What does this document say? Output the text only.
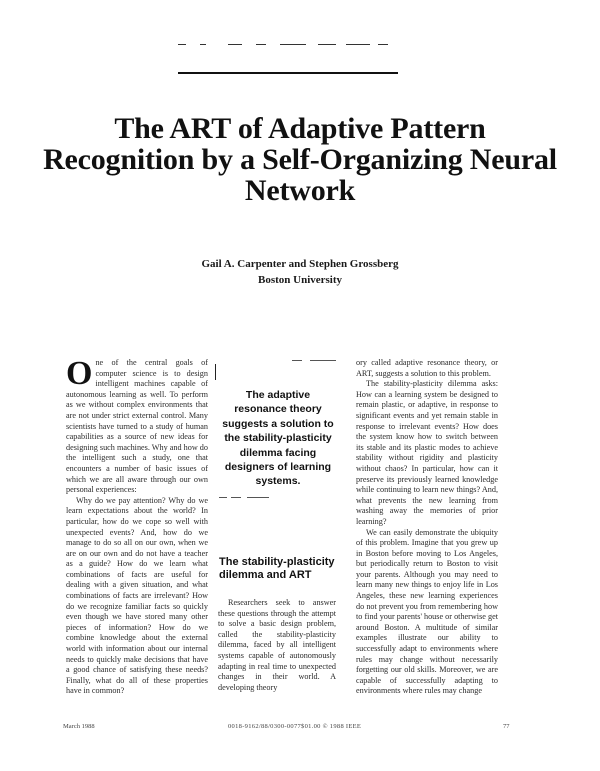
The ART of Adaptive Pattern Recognition by a Self-Organizing Neural Network
Gail A. Carpenter and Stephen Grossberg
Boston University
O ne of the central goals of computer science is to design intelligent machines capable of autonomous learning as well. To perform as we without complex environments that are not under strict external control. Many scientists have turned to a study of human capabilities as a source of new ideas for designing such machines. Why and how do the intelligent such a study, one that encounters a number of basic issues of which we are all aware through our own personal experiences:

Why do we pay attention? Why do we learn expectations about the world? In particular, how do we cope so well with unexpected events? And, how do we manage to do so all on our own, when we are on our own and do not have a teacher as a guide? How do we learn what combinations of facts are useful for dealing with a given situation, and what combinations of facts are irrelevant? How do we recognize familiar facts so quickly even though we have stored many other pieces of information? How do we combine knowledge about the external world with information about our internal needs to quickly make decisions that have a good chance of satisfying these needs? Finally, what do all of these properties have in common?

The adaptive resonance theory suggests a solution to the stability-plasticity dilemma facing designers of learning systems.
The stability-plasticity dilemma and ART

Researchers seek to answer these questions through the attempt to solve a basic design problem, called the stability-plasticity dilemma, faced by all intelligent systems capable of autonomously adapting in real time to unexpected changes in their world. A developing theory

ory called adaptive resonance theory, or ART, suggests a solution to this problem.

The stability-plasticity dilemma asks: How can a learning system be designed to remain plastic, or adaptive, in response to significant events and yet remain stable in response to irrelevant events? How does the system know how to switch between its stable and its plastic modes to achieve stability without rigidity and plasticity without chaos? In particular, how can it preserve its previously learned knowledge while continuing to learn new things? And, what prevents the new learning from washing away the memories of prior learning?

We can easily demonstrate the ubiquity of this problem. Imagine that you grew up in Boston before moving to Los Angeles, but periodically return to Boston to visit your parents. Although you may need to learn many new things to enjoy life in Los Angeles, these new learning experiences do not prevent you from remembering how to find your parents' house or otherwise get around Boston. A multitude of similar examples illustrate our ability to successfully adapt to environments where rules may change without necessarily forgetting our old skills. Moreover, we are capable of successfully adapting to environments where rules may change

March 1988	0018-9162/88/0300-0077$01.00 © 1988 IEEE	77
